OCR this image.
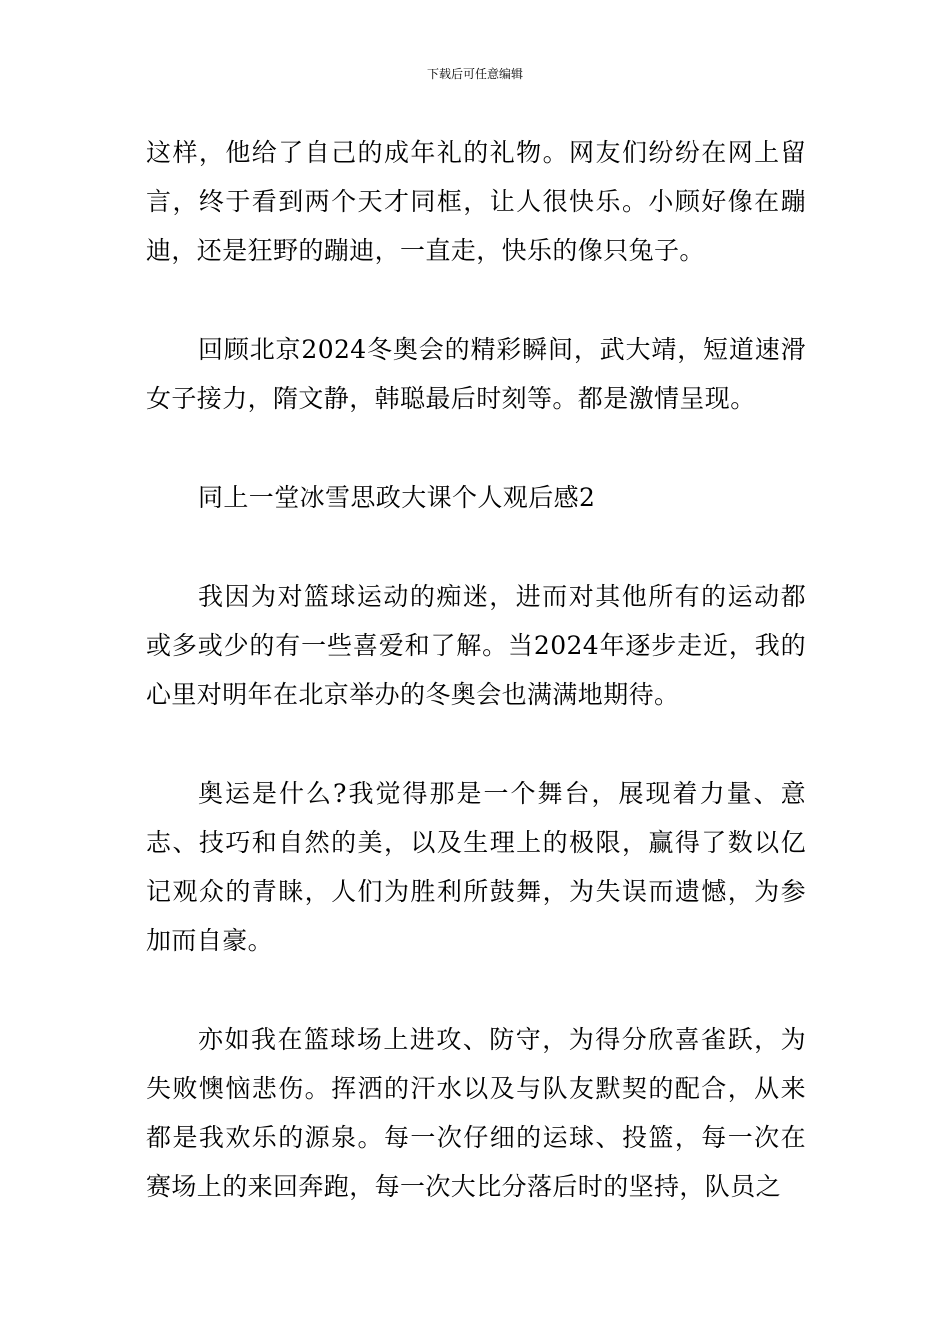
下载后可任意编辑

这样，他给了自己的成年礼的礼物。网友们纷纷在网上留言，终于看到两个天才同框，让人很快乐。小顾好像在蹦迪，还是狂野的蹦迪，一直走，快乐的像只兔子。

回顾北京2024冬奥会的精彩瞬间，武大靖，短道速滑女子接力，隋文静，韩聪最后时刻等。都是激情呈现。

同上一堂冰雪思政大课个人观后感2

我因为对篮球运动的痴迷，进而对其他所有的运动都或多或少的有一些喜爱和了解。当2024年逐步走近，我的心里对明年在北京举办的冬奥会也满满地期待。

奥运是什么?我觉得那是一个舞台，展现着力量、意志、技巧和自然的美，以及生理上的极限，赢得了数以亿记观众的青睐，人们为胜利所鼓舞，为失误而遗憾，为参加而自豪。

亦如我在篮球场上进攻、防守，为得分欣喜雀跃，为失败懊恼悲伤。挥洒的汗水以及与队友默契的配合，从来都是我欢乐的源泉。每一次仔细的运球、投篮，每一次在赛场上的来回奔跑，每一次大比分落后时的坚持，队员之
